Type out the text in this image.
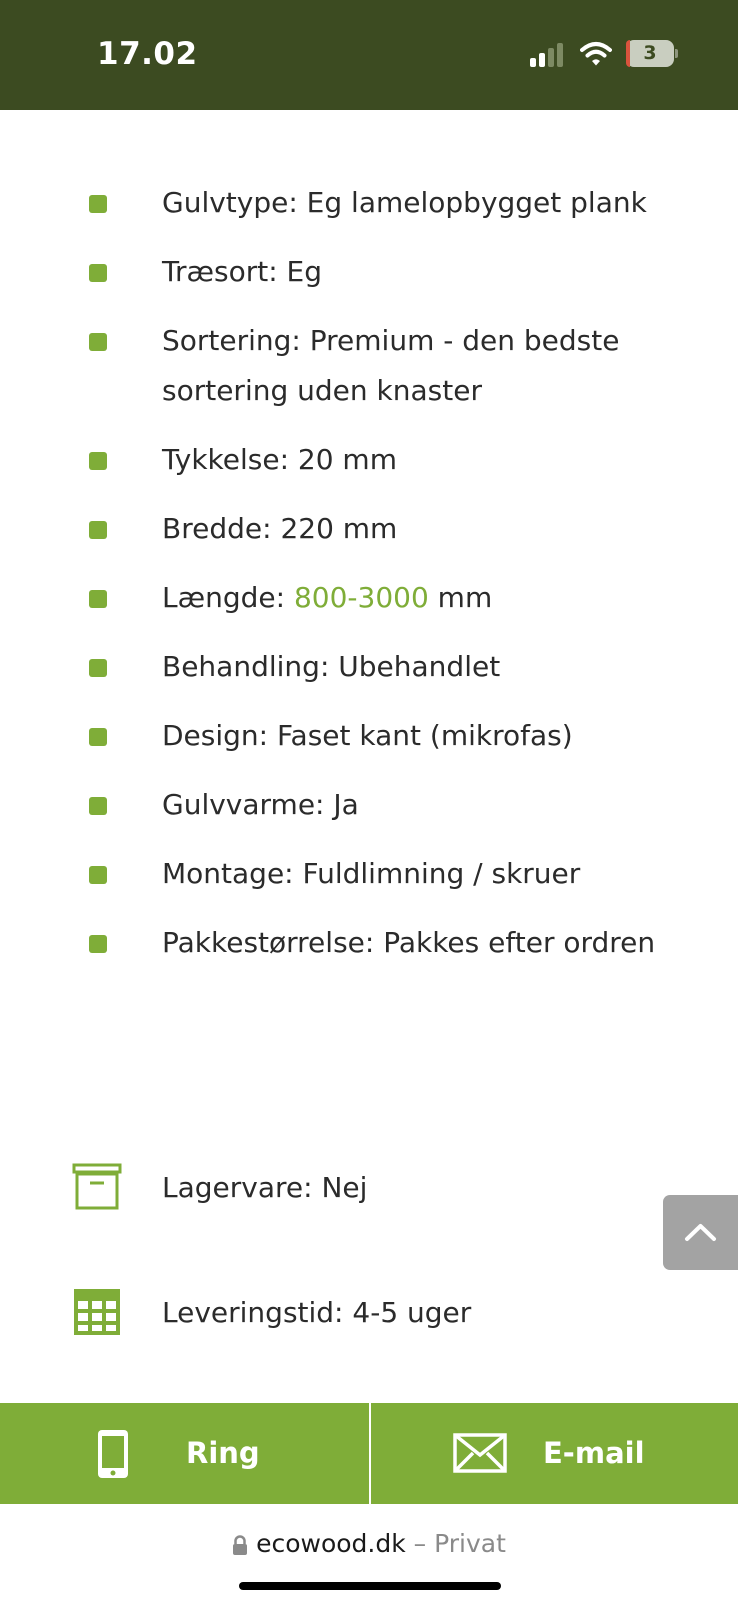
17.02	3
Gulvtype: Eg lamelopbygget plank
Træsort: Eg
Sortering: Premium - den bedste sortering uden knaster
Tykkelse: 20 mm
Bredde: 220 mm
Længde: 800-3000 mm
Behandling: Ubehandlet
Design: Faset kant (mikrofas)
Gulvvarme: Ja
Montage: Fuldlimning / skruer
Pakkestørrelse: Pakkes efter ordren
Lagervare: Nej
Leveringstid: 4-5 uger
Ring	E-mail
ecowood.dk – Privat
